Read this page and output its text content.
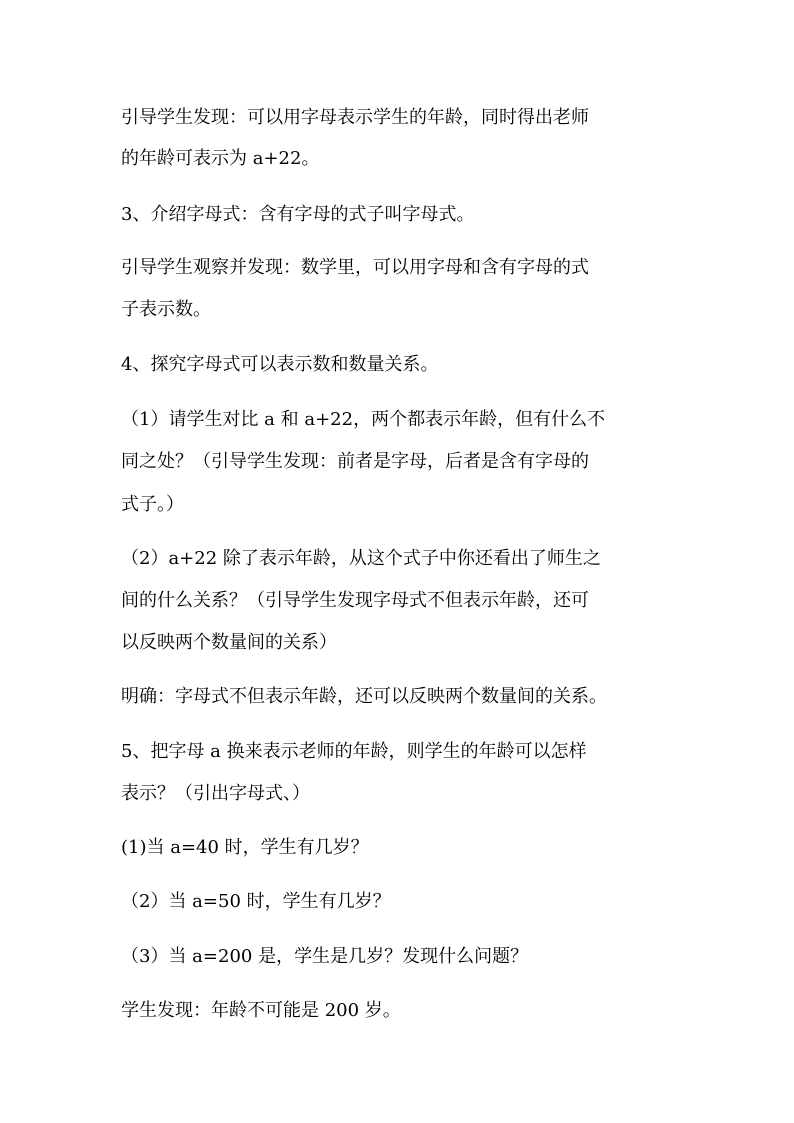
引导学生发现：可以用字母表示学生的年龄，同时得出老师
的年龄可表示为 a+22。
3、介绍字母式：含有字母的式子叫字母式。
引导学生观察并发现：数学里，可以用字母和含有字母的式
子表示数。
4、探究字母式可以表示数和数量关系。
（1）请学生对比 a 和 a+22，两个都表示年龄，但有什么不
同之处？（引导学生发现：前者是字母，后者是含有字母的
式子。）
（2）a+22 除了表示年龄，从这个式子中你还看出了师生之
间的什么关系？（引导学生发现字母式不但表示年龄，还可
以反映两个数量间的关系）
明确：字母式不但表示年龄，还可以反映两个数量间的关系。
5、把字母 a 换来表示老师的年龄，则学生的年龄可以怎样
表示？（引出字母式、）
(1)当 a=40 时，学生有几岁？
（2）当 a=50 时，学生有几岁？
（3）当 a=200 是，学生是几岁？发现什么问题？
学生发现：年龄不可能是 200 岁。
